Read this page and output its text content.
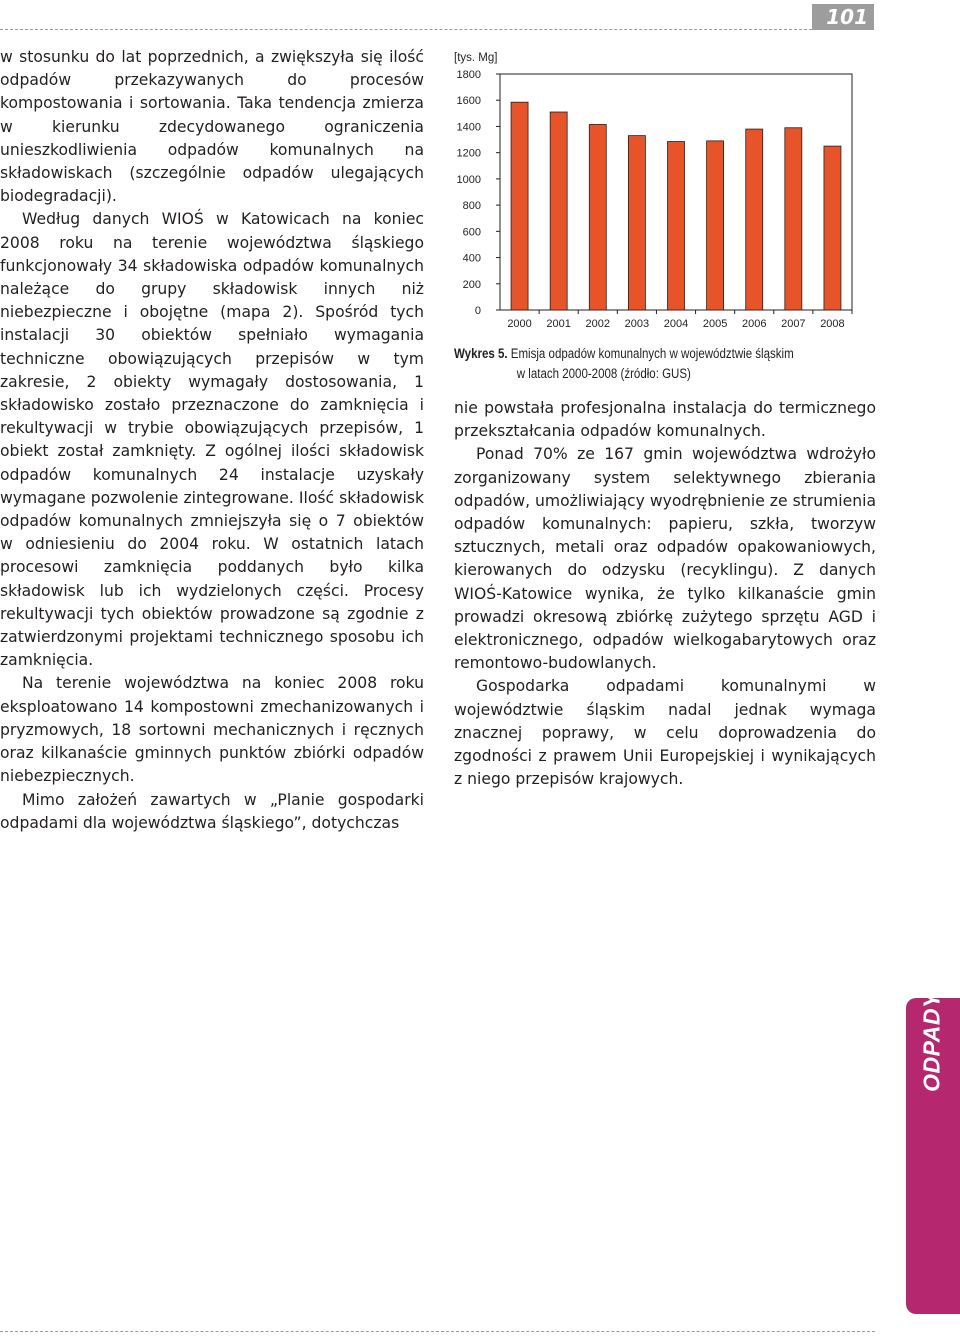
101

w stosunku do lat poprzednich, a zwiększyła się ilość odpadów przekazywanych do procesów kompostowania i sortowania. Taka tendencja zmierza w kierunku zdecydowanego ograniczenia unieszkodliwienia odpadów komunalnych na składowiskach (szczególnie odpadów ulegających biodegradacji).

Według danych WIOŚ w Katowicach na koniec 2008 roku na terenie województwa śląskiego funkcjonowały 34 składowiska odpadów komunalnych należące do grupy składowisk innych niż niebezpieczne i obojętne (mapa 2). Spośród tych instalacji 30 obiektów spełniało wymagania techniczne obowiązujących przepisów w tym zakresie, 2 obiekty wymagały dostosowania, 1 składowisko zostało przeznaczone do zamknięcia i rekultywacji w trybie obowiązujących przepisów, 1 obiekt został zamknięty. Z ogólnej ilości składowisk odpadów komunalnych 24 instalacje uzyskały wymagane pozwolenie zintegrowane. Ilość składowisk odpadów komunalnych zmniejszyła się o 7 obiektów w odniesieniu do 2004 roku. W ostatnich latach procesowi zamknięcia poddanych było kilka składowisk lub ich wydzielonych części. Procesy rekultywacji tych obiektów prowadzone są zgodnie z zatwierdzonymi projektami technicznego sposobu ich zamknięcia.

Na terenie województwa na koniec 2008 roku eksploatowano 14 kompostowni zmechanizowanych i pryzmowych, 18 sortowni mechanicznych i ręcznych oraz kilkanaście gminnych punktów zbiórki odpadów niebezpiecznych.

Mimo założeń zawartych w „Planie gospodarki odpadami dla województwa śląskiego”, dotychczas

[tys. Mg]
0
200
400
600
800
1000
1200
1400
1600
1800
2000 2001 2002 2003 2004 2005 2006 2007 2008
Wykres 5. Emisja odpadów komunalnych w województwie śląskim
w latach 2000-2008 (źródło: GUS)

nie powstała profesjonalna instalacja do termicznego przekształcania odpadów komunalnych.

Ponad 70% ze 167 gmin województwa wdrożyło zorganizowany system selektywnego zbierania odpadów, umożliwiający wyodrębnienie ze strumienia odpadów komunalnych: papieru, szkła, tworzyw sztucznych, metali oraz odpadów opakowaniowych, kierowanych do odzysku (recyklingu). Z danych WIOŚ-Katowice wynika, że tylko kilkanaście gmin prowadzi okresową zbiórkę zużytego sprzętu AGD i elektronicznego, odpadów wielkogabarytowych oraz remontowo-budowlanych.

Gospodarka odpadami komunalnymi w województwie śląskim nadal jednak wymaga znacznej poprawy, w celu doprowadzenia do zgodności z prawem Unii Europejskiej i wynikających z niego przepisów krajowych.

ODPADY
